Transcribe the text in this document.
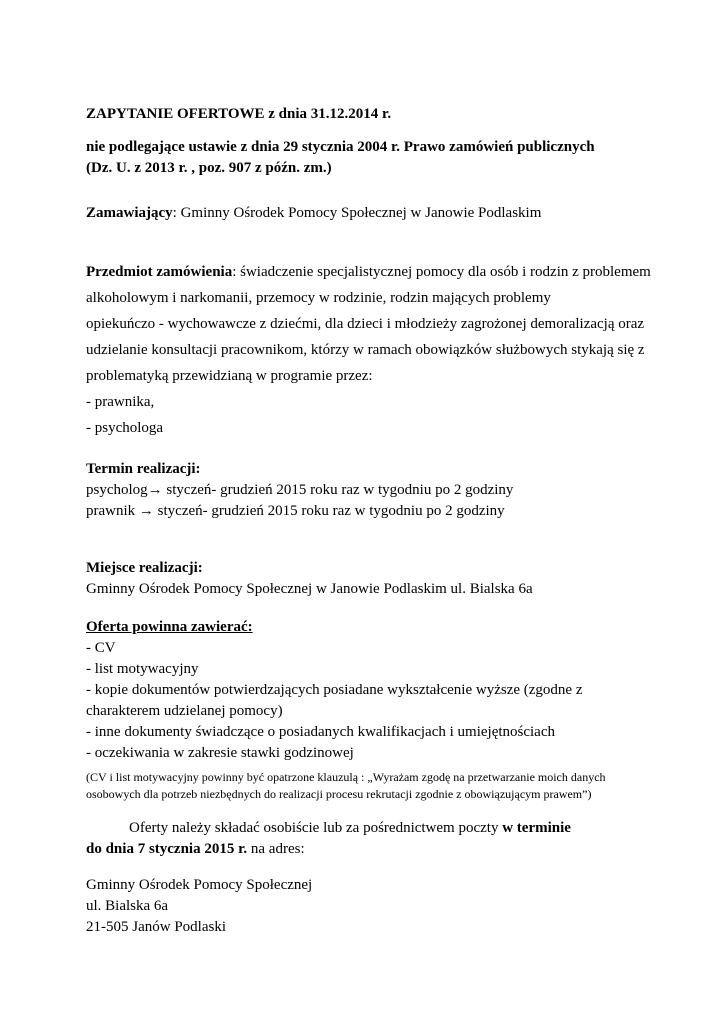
ZAPYTANIE OFERTOWE z dnia 31.12.2014 r.
nie podlegające ustawie z dnia 29 stycznia 2004 r. Prawo zamówień publicznych
(Dz. U. z 2013 r. , poz. 907 z późn. zm.)
Zamawiający: Gminny Ośrodek Pomocy Społecznej w Janowie Podlaskim
Przedmiot zamówienia: świadczenie specjalistycznej pomocy dla osób i rodzin z problemem
alkoholowym i narkomanii, przemocy w rodzinie, rodzin mających problemy
opiekuńczo - wychowawcze z dziećmi, dla dzieci i młodzieży zagrożonej demoralizacją oraz
udzielanie konsultacji pracownikom, którzy w ramach obowiązków służbowych stykają się z
problematyką przewidzianą w programie przez:
- prawnika,
- psychologa
Termin realizacji:
psycholog→ styczeń- grudzień 2015 roku raz w tygodniu po 2 godziny
prawnik → styczeń- grudzień 2015 roku raz w tygodniu po 2 godziny
Miejsce realizacji:
Gminny Ośrodek Pomocy Społecznej w Janowie Podlaskim ul. Bialska 6a
Oferta powinna zawierać:
- CV
- list motywacyjny
- kopie dokumentów potwierdzających posiadane wykształcenie wyższe (zgodne z
charakterem udzielanej pomocy)
- inne dokumenty świadczące o posiadanych kwalifikacjach i umiejętnościach
- oczekiwania w zakresie stawki godzinowej
(CV i list motywacyjny powinny być opatrzone klauzulą : „Wyrażam zgodę na przetwarzanie moich danych
osobowych dla potrzeb niezbędnych do realizacji procesu rekrutacji zgodnie z obowiązującym prawem”)
Oferty należy składać osobiście lub za pośrednictwem poczty w terminie
do dnia 7 stycznia 2015 r. na adres:
Gminny Ośrodek Pomocy Społecznej
ul. Bialska 6a
21-505 Janów Podlaski
